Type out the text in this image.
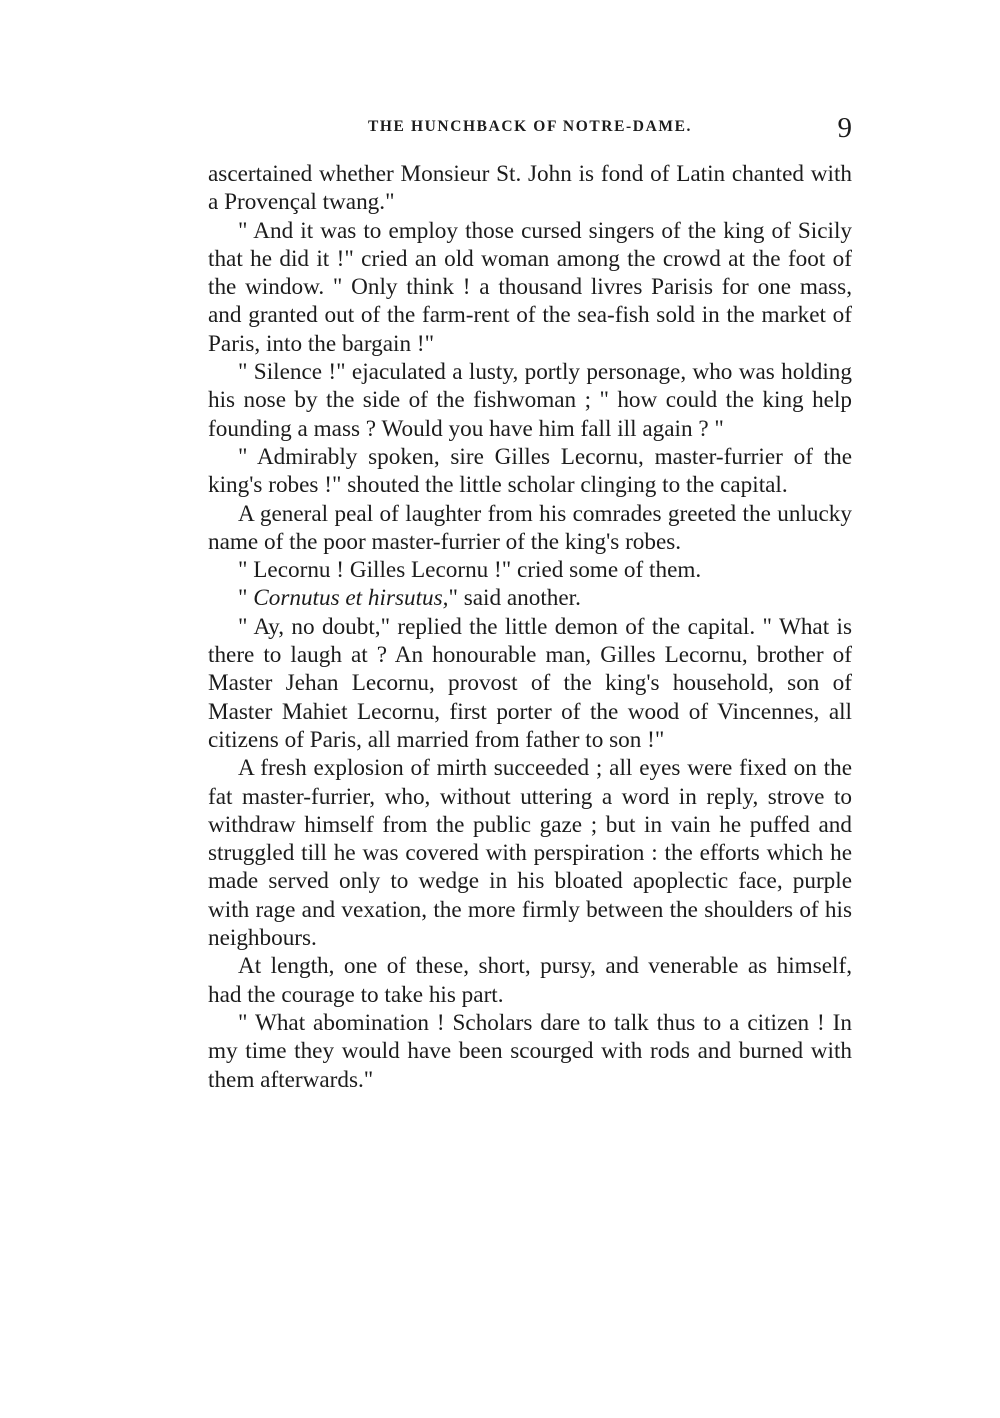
THE HUNCHBACK OF NOTRE-DAME.	9

ascertained whether Monsieur St. John is fond of Latin chanted with a Provençal twang."

" And it was to employ those cursed singers of the king of Sicily that he did it !" cried an old woman among the crowd at the foot of the window. " Only think ! a thousand livres Parisis for one mass, and granted out of the farm-rent of the sea-fish sold in the market of Paris, into the bargain !"

" Silence !" ejaculated a lusty, portly personage, who was holding his nose by the side of the fishwoman ; " how could the king help founding a mass ? Would you have him fall ill again ? "

" Admirably spoken, sire Gilles Lecornu, master-furrier of the king's robes !" shouted the little scholar clinging to the capital.

A general peal of laughter from his comrades greeted the unlucky name of the poor master-furrier of the king's robes.

" Lecornu ! Gilles Lecornu !" cried some of them.

" Cornutus et hirsutus," said another.

" Ay, no doubt," replied the little demon of the capital. " What is there to laugh at ? An honourable man, Gilles Lecornu, brother of Master Jehan Lecornu, provost of the king's household, son of Master Mahiet Lecornu, first porter of the wood of Vincennes, all citizens of Paris, all married from father to son !"

A fresh explosion of mirth succeeded ; all eyes were fixed on the fat master-furrier, who, without uttering a word in reply, strove to withdraw himself from the public gaze ; but in vain he puffed and struggled till he was covered with perspiration : the efforts which he made served only to wedge in his bloated apoplectic face, purple with rage and vexation, the more firmly between the shoulders of his neighbours.

At length, one of these, short, pursy, and venerable as himself, had the courage to take his part.

" What abomination ! Scholars dare to talk thus to a citizen ! In my time they would have been scourged with rods and burned with them afterwards."
